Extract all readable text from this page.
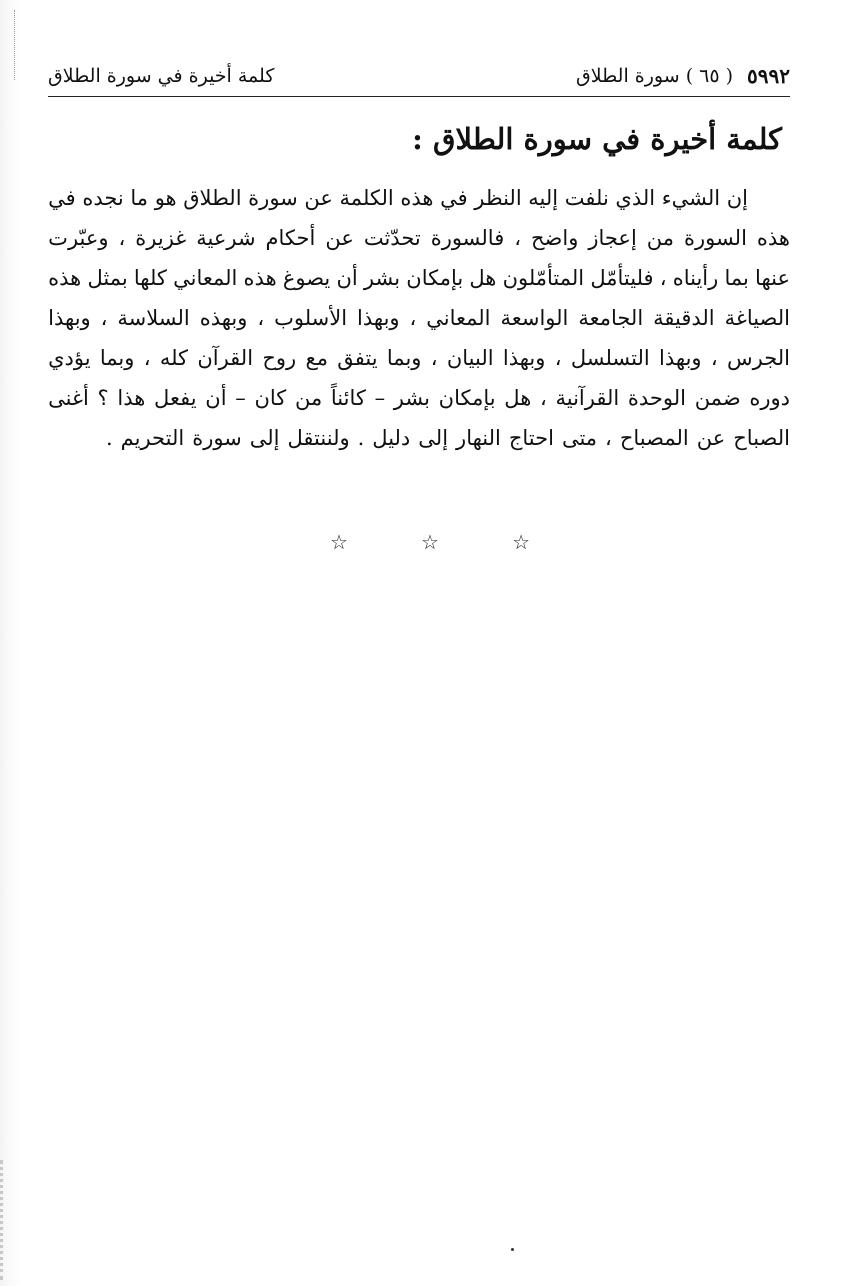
٥٩٩٢
( ٦٥ ) سورة الطلاق
كلمة أخيرة في سورة الطلاق
كلمة أخيرة في سورة الطلاق :
إن
الشيء
الذي
نلفت
إليه
النظر
في
هذه
الكلمة
عن
سورة
الطلاق
هو
ما
نجده
في
هذه
السورة
من
إعجاز
واضح
،
فالسورة
تحدّثت
عن
أحكام
شرعية
غزيرة
،
وعبّرت
عنها
بما
رأيناه
،
فليتأمّل
المتأمّلون
هل
بإمكان
بشر
أن
يصوغ
هذه
المعاني
كلها
بمثل
هذه
الصياغة
الدقيقة
الجامعة
الواسعة
المعاني
،
وبهذا
الأسلوب
،
وبهذه
السلاسة
،
وبهذا
الجرس
،
وبهذا
التسلسل
،
وبهذا
البيان
،
وبما
يتفق
مع
روح
القرآن
كله
،
وبما
يؤدي
دوره
ضمن
الوحدة
القرآنية
،
هل
بإمكان
بشر
–
كائناً
من
كان
–
أن
يفعل
هذا
؟
أغنى
الصباح
عن
المصباح
،
متى
احتاج
النهار
إلى
دليل
.
ولننتقل
إلى
سورة
التحريم
.
☆	☆	☆
